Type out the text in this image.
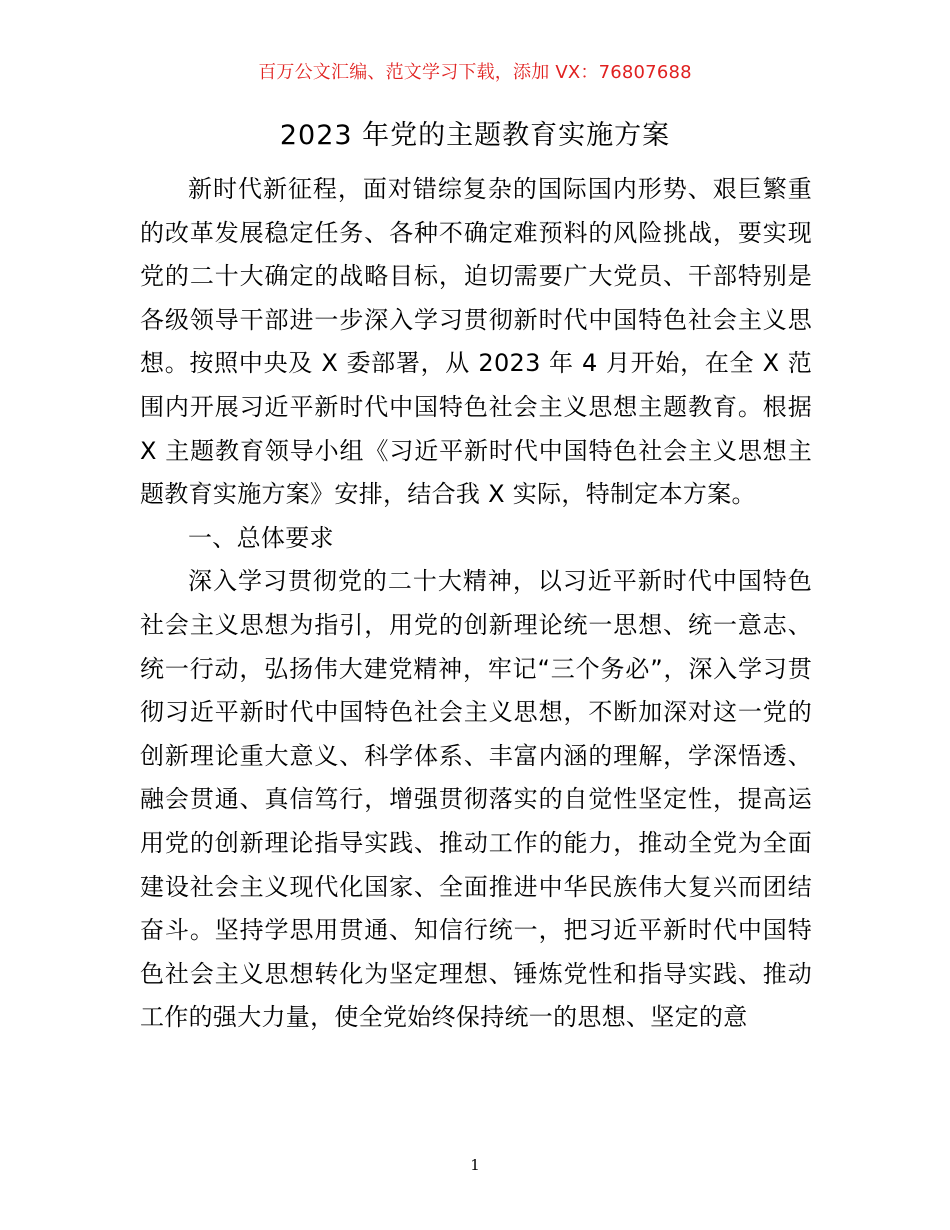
百万公文汇编、范文学习下载，添加 VX：76807688
2023 年党的主题教育实施方案

新时代新征程，面对错综复杂的国际国内形势、艰巨繁重的改革发展稳定任务、各种不确定难预料的风险挑战，要实现党的二十大确定的战略目标，迫切需要广大党员、干部特别是各级领导干部进一步深入学习贯彻新时代中国特色社会主义思想。按照中央及 X 委部署，从 2023 年 4 月开始，在全 X 范围内开展习近平新时代中国特色社会主义思想主题教育。根据 X 主题教育领导小组《习近平新时代中国特色社会主义思想主题教育实施方案》安排，结合我 X 实际，特制定本方案。

一、总体要求

深入学习贯彻党的二十大精神，以习近平新时代中国特色社会主义思想为指引，用党的创新理论统一思想、统一意志、统一行动，弘扬伟大建党精神，牢记“三个务必”，深入学习贯彻习近平新时代中国特色社会主义思想，不断加深对这一党的创新理论重大意义、科学体系、丰富内涵的理解，学深悟透、融会贯通、真信笃行，增强贯彻落实的自觉性坚定性，提高运用党的创新理论指导实践、推动工作的能力，推动全党为全面建设社会主义现代化国家、全面推进中华民族伟大复兴而团结奋斗。坚持学思用贯通、知信行统一，把习近平新时代中国特色社会主义思想转化为坚定理想、锤炼党性和指导实践、推动工作的强大力量，使全党始终保持统一的思想、坚定的意

1
